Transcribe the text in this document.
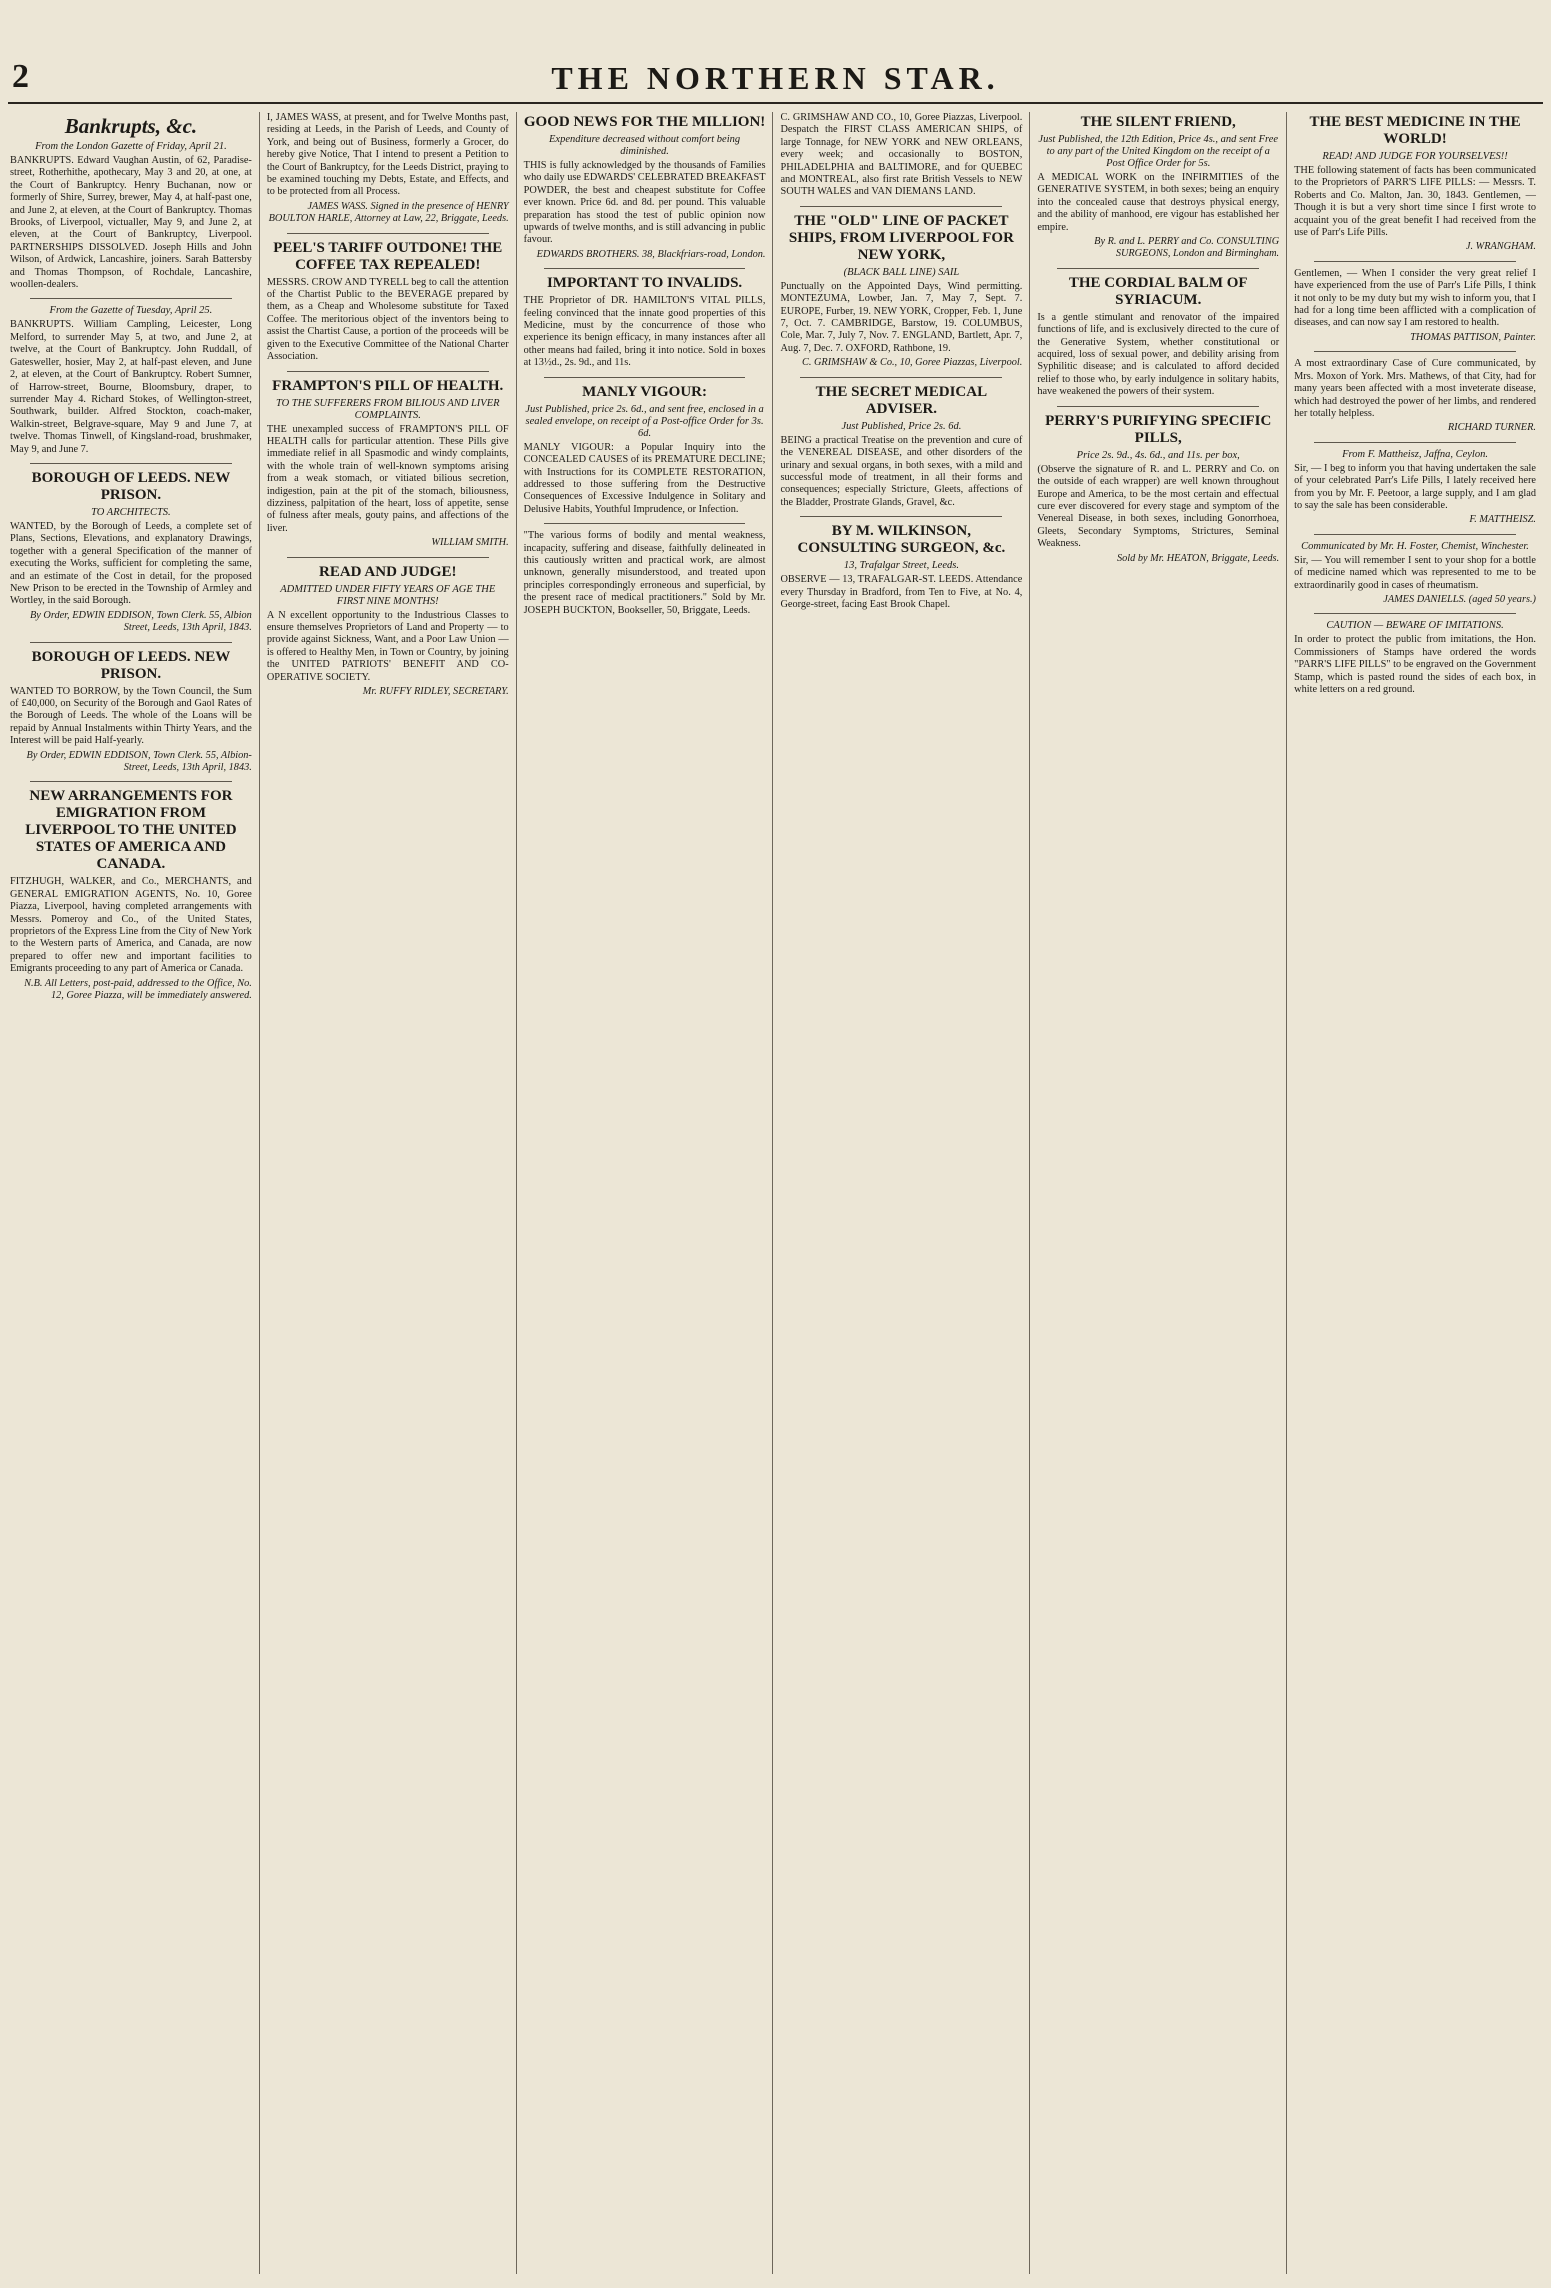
2	THE NORTHERN STAR.
Bankrupts, &c.
From the London Gazette of Friday, April 21.
BANKRUPTS. Edward Vaughan Austin, of 62, Paradise-street, Rotherhithe, apothecary, May 3 and 20, at one, at the Court of Bankruptcy. Henry Buchanan, now or formerly of Shire, Surrey, brewer, May 4, at half-past one, and June 2, at eleven, at the Court of Bankruptcy. Thomas Brooks, of Liverpool, victualler, May 9, and June 2, at eleven, at the Court of Bankruptcy, Liverpool. PARTNERSHIPS DISSOLVED. Joseph Hills and John Wilson, of Ardwick, Lancashire, joiners. Sarah Battersby and Thomas Thompson, of Rochdale, Lancashire, woollen-dealers.
From the Gazette of Tuesday, April 25.
BANKRUPTS. William Campling, Leicester, Long Melford, to surrender May 5, at two, and June 2, at twelve, at the Court of Bankruptcy. John Ruddall, of Gatesweller, hosier, May 2, at half-past eleven, and June 2, at eleven, at the Court of Bankruptcy. Robert Sumner, of Harrow-street, Bourne, Bloomsbury, draper, to surrender May 4. Richard Stokes, of Wellington-street, Southwark, builder. Alfred Stockton, coach-maker, Walkin-street, Belgrave-square, May 9 and June 7, at twelve. Thomas Tinwell, of Kingsland-road, brushmaker, May 9, and June 7.
BOROUGH OF LEEDS. NEW PRISON.
TO ARCHITECTS.
WANTED, by the Borough of Leeds, a complete set of Plans, Sections, Elevations, and explanatory Drawings, together with a general Specification of the manner of executing the Works, sufficient for completing the same, and an estimate of the Cost in detail, for the proposed New Prison to be erected in the Township of Armley and Wortley, in the said Borough.
By Order, EDWIN EDDISON, Town Clerk. 55, Albion Street, Leeds, 13th April, 1843.
BOROUGH OF LEEDS. NEW PRISON.
WANTED TO BORROW, by the Town Council, the Sum of £40,000, on Security of the Borough and Gaol Rates of the Borough of Leeds. The whole of the Loans will be repaid by Annual Instalments within Thirty Years, and the Interest will be paid Half-yearly.
By Order, EDWIN EDDISON, Town Clerk. 55, Albion-Street, Leeds, 13th April, 1843.
NEW ARRANGEMENTS FOR EMIGRATION FROM LIVERPOOL TO THE UNITED STATES OF AMERICA AND CANADA.
FITZHUGH, WALKER, and Co., MERCHANTS, and GENERAL EMIGRATION AGENTS, No. 10, Goree Piazza, Liverpool, having completed arrangements with Messrs. Pomeroy and Co., of the United States, proprietors of the Express Line from the City of New York to the Western parts of America, and Canada, are now prepared to offer new and important facilities to Emigrants proceeding to any part of America or Canada.
N.B. All Letters, post-paid, addressed to the Office, No. 12, Goree Piazza, will be immediately answered.
I, JAMES WASS, at present, and for Twelve Months past, residing at Leeds, in the Parish of Leeds, and County of York, and being out of Business, formerly a Grocer, do hereby give Notice, That I intend to present a Petition to the Court of Bankruptcy, for the Leeds District, praying to be examined touching my Debts, Estate, and Effects, and to be protected from all Process.
JAMES WASS. Signed in the presence of HENRY BOULTON HARLE, Attorney at Law, 22, Briggate, Leeds.
PEEL'S TARIFF OUTDONE! THE COFFEE TAX REPEALED!
MESSRS. CROW AND TYRELL beg to call the attention of the Chartist Public to the BEVERAGE prepared by them, as a Cheap and Wholesome substitute for Taxed Coffee. The meritorious object of the inventors being to assist the Chartist Cause, a portion of the proceeds will be given to the Executive Committee of the National Charter Association.
FRAMPTON'S PILL OF HEALTH.
TO THE SUFFERERS FROM BILIOUS AND LIVER COMPLAINTS.
THE unexampled success of FRAMPTON'S PILL OF HEALTH calls for particular attention. These Pills give immediate relief in all Spasmodic and windy complaints, with the whole train of well-known symptoms arising from a weak stomach, or vitiated bilious secretion, indigestion, pain at the pit of the stomach, biliousness, dizziness, palpitation of the heart, loss of appetite, sense of fulness after meals, gouty pains, and affections of the liver.
WILLIAM SMITH.
READ AND JUDGE!
ADMITTED UNDER FIFTY YEARS OF AGE THE FIRST NINE MONTHS!
A N excellent opportunity to the Industrious Classes to ensure themselves Proprietors of Land and Property — to provide against Sickness, Want, and a Poor Law Union — is offered to Healthy Men, in Town or Country, by joining the UNITED PATRIOTS' BENEFIT AND CO-OPERATIVE SOCIETY.
Mr. RUFFY RIDLEY, SECRETARY.
GOOD NEWS FOR THE MILLION!
Expenditure decreased without comfort being diminished.
THIS is fully acknowledged by the thousands of Families who daily use EDWARDS' CELEBRATED BREAKFAST POWDER, the best and cheapest substitute for Coffee ever known. Price 6d. and 8d. per pound. This valuable preparation has stood the test of public opinion now upwards of twelve months, and is still advancing in public favour.
EDWARDS BROTHERS. 38, Blackfriars-road, London.
IMPORTANT TO INVALIDS.
THE Proprietor of DR. HAMILTON'S VITAL PILLS, feeling convinced that the innate good properties of this Medicine, must by the concurrence of those who experience its benign efficacy, in many instances after all other means had failed, bring it into notice. Sold in boxes at 13½d., 2s. 9d., and 11s.
MANLY VIGOUR:
Just Published, price 2s. 6d., and sent free, enclosed in a sealed envelope, on receipt of a Post-office Order for 3s. 6d.
MANLY VIGOUR: a Popular Inquiry into the CONCEALED CAUSES of its PREMATURE DECLINE; with Instructions for its COMPLETE RESTORATION, addressed to those suffering from the Destructive Consequences of Excessive Indulgence in Solitary and Delusive Habits, Youthful Imprudence, or Infection.
"The various forms of bodily and mental weakness, incapacity, suffering and disease, faithfully delineated in this cautiously written and practical work, are almost unknown, generally misunderstood, and treated upon principles correspondingly erroneous and superficial, by the present race of medical practitioners." Sold by Mr. JOSEPH BUCKTON, Bookseller, 50, Briggate, Leeds.
C. GRIMSHAW AND CO., 10, Goree Piazzas, Liverpool. Despatch the FIRST CLASS AMERICAN SHIPS, of large Tonnage, for NEW YORK and NEW ORLEANS, every week; and occasionally to BOSTON, PHILADELPHIA and BALTIMORE, and for QUEBEC and MONTREAL, also first rate British Vessels to NEW SOUTH WALES and VAN DIEMANS LAND.
THE "OLD" LINE OF PACKET SHIPS, FROM LIVERPOOL FOR NEW YORK,
(BLACK BALL LINE) SAIL
Punctually on the Appointed Days, Wind permitting. MONTEZUMA, Lowber, Jan. 7, May 7, Sept. 7. EUROPE, Furber, 19. NEW YORK, Cropper, Feb. 1, June 7, Oct. 7. CAMBRIDGE, Barstow, 19. COLUMBUS, Cole, Mar. 7, July 7, Nov. 7. ENGLAND, Bartlett, Apr. 7, Aug. 7, Dec. 7. OXFORD, Rathbone, 19.
C. GRIMSHAW & Co., 10, Goree Piazzas, Liverpool.
THE SECRET MEDICAL ADVISER.
Just Published, Price 2s. 6d.
BEING a practical Treatise on the prevention and cure of the VENEREAL DISEASE, and other disorders of the urinary and sexual organs, in both sexes, with a mild and successful mode of treatment, in all their forms and consequences; especially Stricture, Gleets, affections of the Bladder, Prostrate Glands, Gravel, &c.
BY M. WILKINSON, CONSULTING SURGEON, &c.
13, Trafalgar Street, Leeds.
OBSERVE — 13, TRAFALGAR-ST. LEEDS. Attendance every Thursday in Bradford, from Ten to Five, at No. 4, George-street, facing East Brook Chapel.
THE SILENT FRIEND,
Just Published, the 12th Edition, Price 4s., and sent Free to any part of the United Kingdom on the receipt of a Post Office Order for 5s.
A MEDICAL WORK on the INFIRMITIES of the GENERATIVE SYSTEM, in both sexes; being an enquiry into the concealed cause that destroys physical energy, and the ability of manhood, ere vigour has established her empire.
By R. and L. PERRY and Co. CONSULTING SURGEONS, London and Birmingham.
THE CORDIAL BALM OF SYRIACUM.
Is a gentle stimulant and renovator of the impaired functions of life, and is exclusively directed to the cure of the Generative System, whether constitutional or acquired, loss of sexual power, and debility arising from Syphilitic disease; and is calculated to afford decided relief to those who, by early indulgence in solitary habits, have weakened the powers of their system.
PERRY'S PURIFYING SPECIFIC PILLS,
Price 2s. 9d., 4s. 6d., and 11s. per box,
(Observe the signature of R. and L. PERRY and Co. on the outside of each wrapper) are well known throughout Europe and America, to be the most certain and effectual cure ever discovered for every stage and symptom of the Venereal Disease, in both sexes, including Gonorrhoea, Gleets, Secondary Symptoms, Strictures, Seminal Weakness.
Sold by Mr. HEATON, Briggate, Leeds.
THE BEST MEDICINE IN THE WORLD!
READ! AND JUDGE FOR YOURSELVES!!
THE following statement of facts has been communicated to the Proprietors of PARR'S LIFE PILLS: — Messrs. T. Roberts and Co. Malton, Jan. 30, 1843. Gentlemen, — Though it is but a very short time since I first wrote to acquaint you of the great benefit I had received from the use of Parr's Life Pills.
J. WRANGHAM.
Gentlemen, — When I consider the very great relief I have experienced from the use of Parr's Life Pills, I think it not only to be my duty but my wish to inform you, that I had for a long time been afflicted with a complication of diseases, and can now say I am restored to health.
THOMAS PATTISON, Painter.
A most extraordinary Case of Cure communicated, by Mrs. Moxon of York. Mrs. Mathews, of that City, had for many years been affected with a most inveterate disease, which had destroyed the power of her limbs, and rendered her totally helpless.
RICHARD TURNER.
From F. Mattheisz, Jaffna, Ceylon.
Sir, — I beg to inform you that having undertaken the sale of your celebrated Parr's Life Pills, I lately received here from you by Mr. F. Peetoor, a large supply, and I am glad to say the sale has been considerable.
F. MATTHEISZ.
Communicated by Mr. H. Foster, Chemist, Winchester.
Sir, — You will remember I sent to your shop for a bottle of medicine named which was represented to me to be extraordinarily good in cases of rheumatism.
JAMES DANIELLS. (aged 50 years.)
CAUTION — BEWARE OF IMITATIONS.
In order to protect the public from imitations, the Hon. Commissioners of Stamps have ordered the words "PARR'S LIFE PILLS" to be engraved on the Government Stamp, which is pasted round the sides of each box, in white letters on a red ground.
